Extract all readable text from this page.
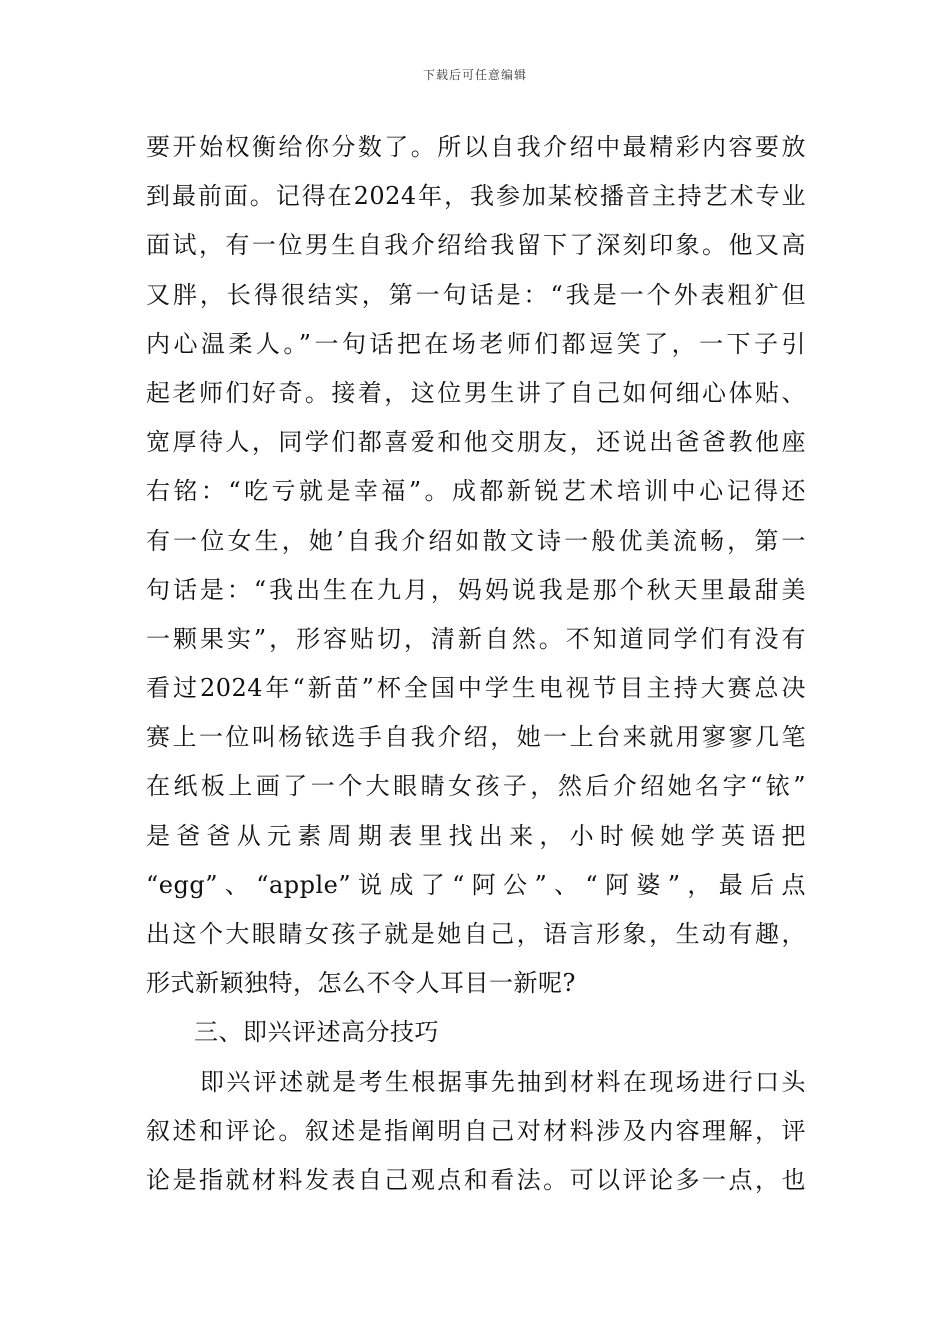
下载后可任意编辑
要开始权衡给你分数了。所以自我介绍中最精彩内容要放
到最前面。记得在2024年，我参加某校播音主持艺术专业
面试，有一位男生自我介绍给我留下了深刻印象。他又高
又胖，长得很结实，第一句话是：“我是一个外表粗犷但
内心温柔人。”一句话把在场老师们都逗笑了，一下子引
起老师们好奇。接着，这位男生讲了自己如何细心体贴、
宽厚待人，同学们都喜爱和他交朋友，还说出爸爸教他座
右铭：“吃亏就是幸福”。成都新锐艺术培训中心记得还
有一位女生，她’自我介绍如散文诗一般优美流畅，第一
句话是：“我出生在九月，妈妈说我是那个秋天里最甜美
一颗果实”，形容贴切，清新自然。不知道同学们有没有
看过2024年“新苗”杯全国中学生电视节目主持大赛总决
赛上一位叫杨铱选手自我介绍，她一上台来就用寥寥几笔
在纸板上画了一个大眼睛女孩子，然后介绍她名字“铱”
是爸爸从元素周期表里找出来，小时候她学英语把
“egg”、“apple”说成了“阿公”、“阿婆”，最后点
出这个大眼睛女孩子就是她自己，语言形象，生动有趣，
形式新颖独特，怎么不令人耳目一新呢?
三、即兴评述高分技巧
即兴评述就是考生根据事先抽到材料在现场进行口头
叙述和评论。叙述是指阐明自己对材料涉及内容理解，评
论是指就材料发表自己观点和看法。可以评论多一点，也
